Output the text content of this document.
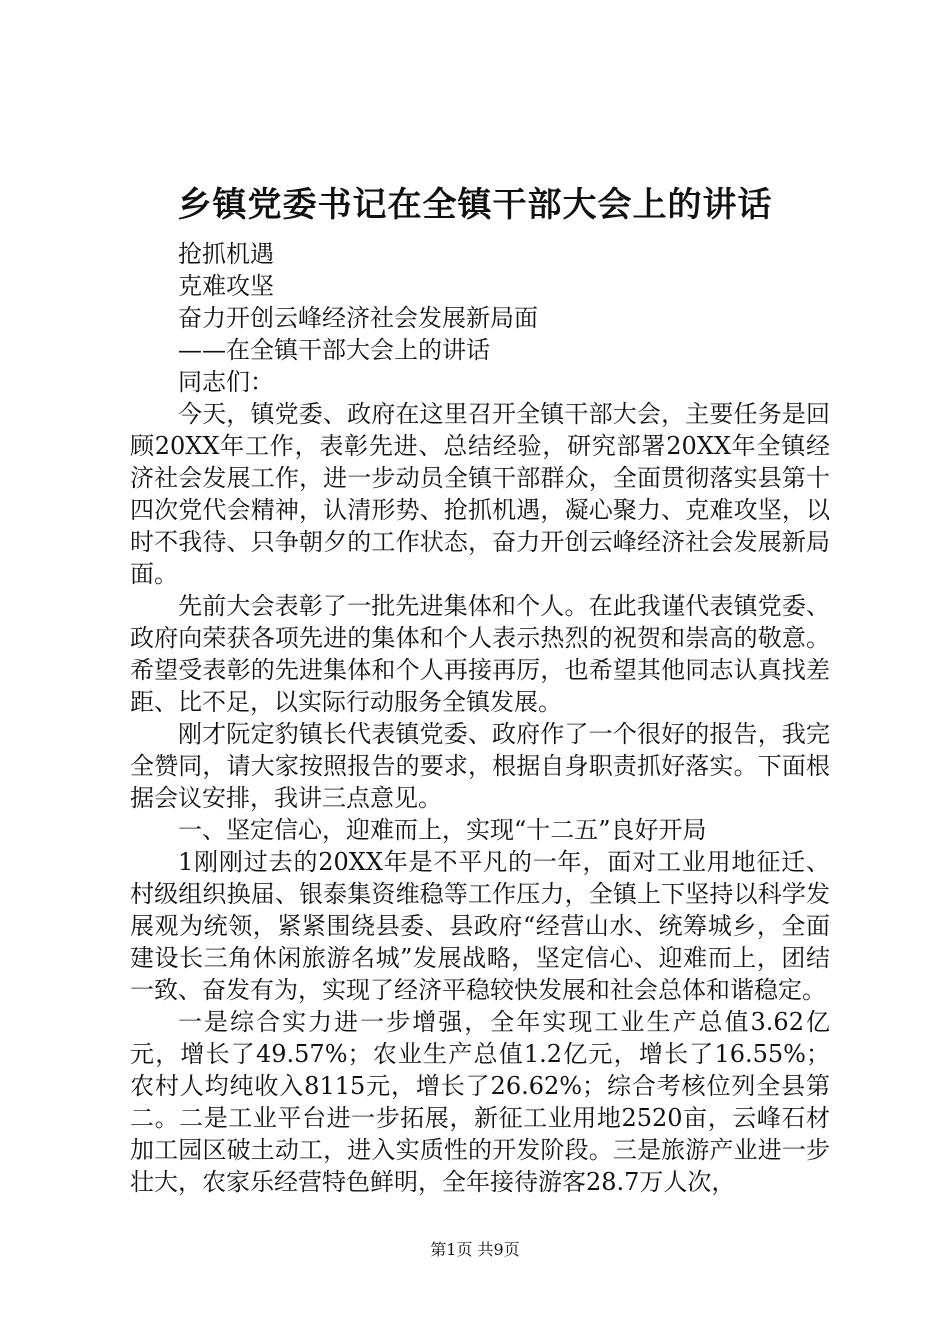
乡镇党委书记在全镇干部大会上的讲话

抢抓机遇

克难攻坚

奋力开创云峰经济社会发展新局面

——在全镇干部大会上的讲话

同志们：

今天，镇党委、政府在这里召开全镇干部大会，主要任务是回顾20XX年工作，表彰先进、总结经验，研究部署20XX年全镇经济社会发展工作，进一步动员全镇干部群众，全面贯彻落实县第十四次党代会精神，认清形势、抢抓机遇，凝心聚力、克难攻坚，以时不我待、只争朝夕的工作状态，奋力开创云峰经济社会发展新局面。

先前大会表彰了一批先进集体和个人。在此我谨代表镇党委、政府向荣获各项先进的集体和个人表示热烈的祝贺和崇高的敬意。希望受表彰的先进集体和个人再接再厉，也希望其他同志认真找差距、比不足，以实际行动服务全镇发展。

刚才阮定豹镇长代表镇党委、政府作了一个很好的报告，我完全赞同，请大家按照报告的要求，根据自身职责抓好落实。下面根据会议安排，我讲三点意见。

一、坚定信心，迎难而上，实现“十二五”良好开局

1刚刚过去的20XX年是不平凡的一年，面对工业用地征迁、村级组织换届、银泰集资维稳等工作压力，全镇上下坚持以科学发展观为统领，紧紧围绕县委、县政府“经营山水、统筹城乡，全面建设长三角休闲旅游名城”发展战略，坚定信心、迎难而上，团结一致、奋发有为，实现了经济平稳较快发展和社会总体和谐稳定。

一是综合实力进一步增强，全年实现工业生产总值3.62亿元，增长了49.57%；农业生产总值1.2亿元，增长了16.55%；农村人均纯收入8115元，增长了26.62%；综合考核位列全县第二。二是工业平台进一步拓展，新征工业用地2520亩，云峰石材加工园区破土动工，进入实质性的开发阶段。三是旅游产业进一步壮大，农家乐经营特色鲜明，全年接待游客28.7万人次，

第1页 共9页
